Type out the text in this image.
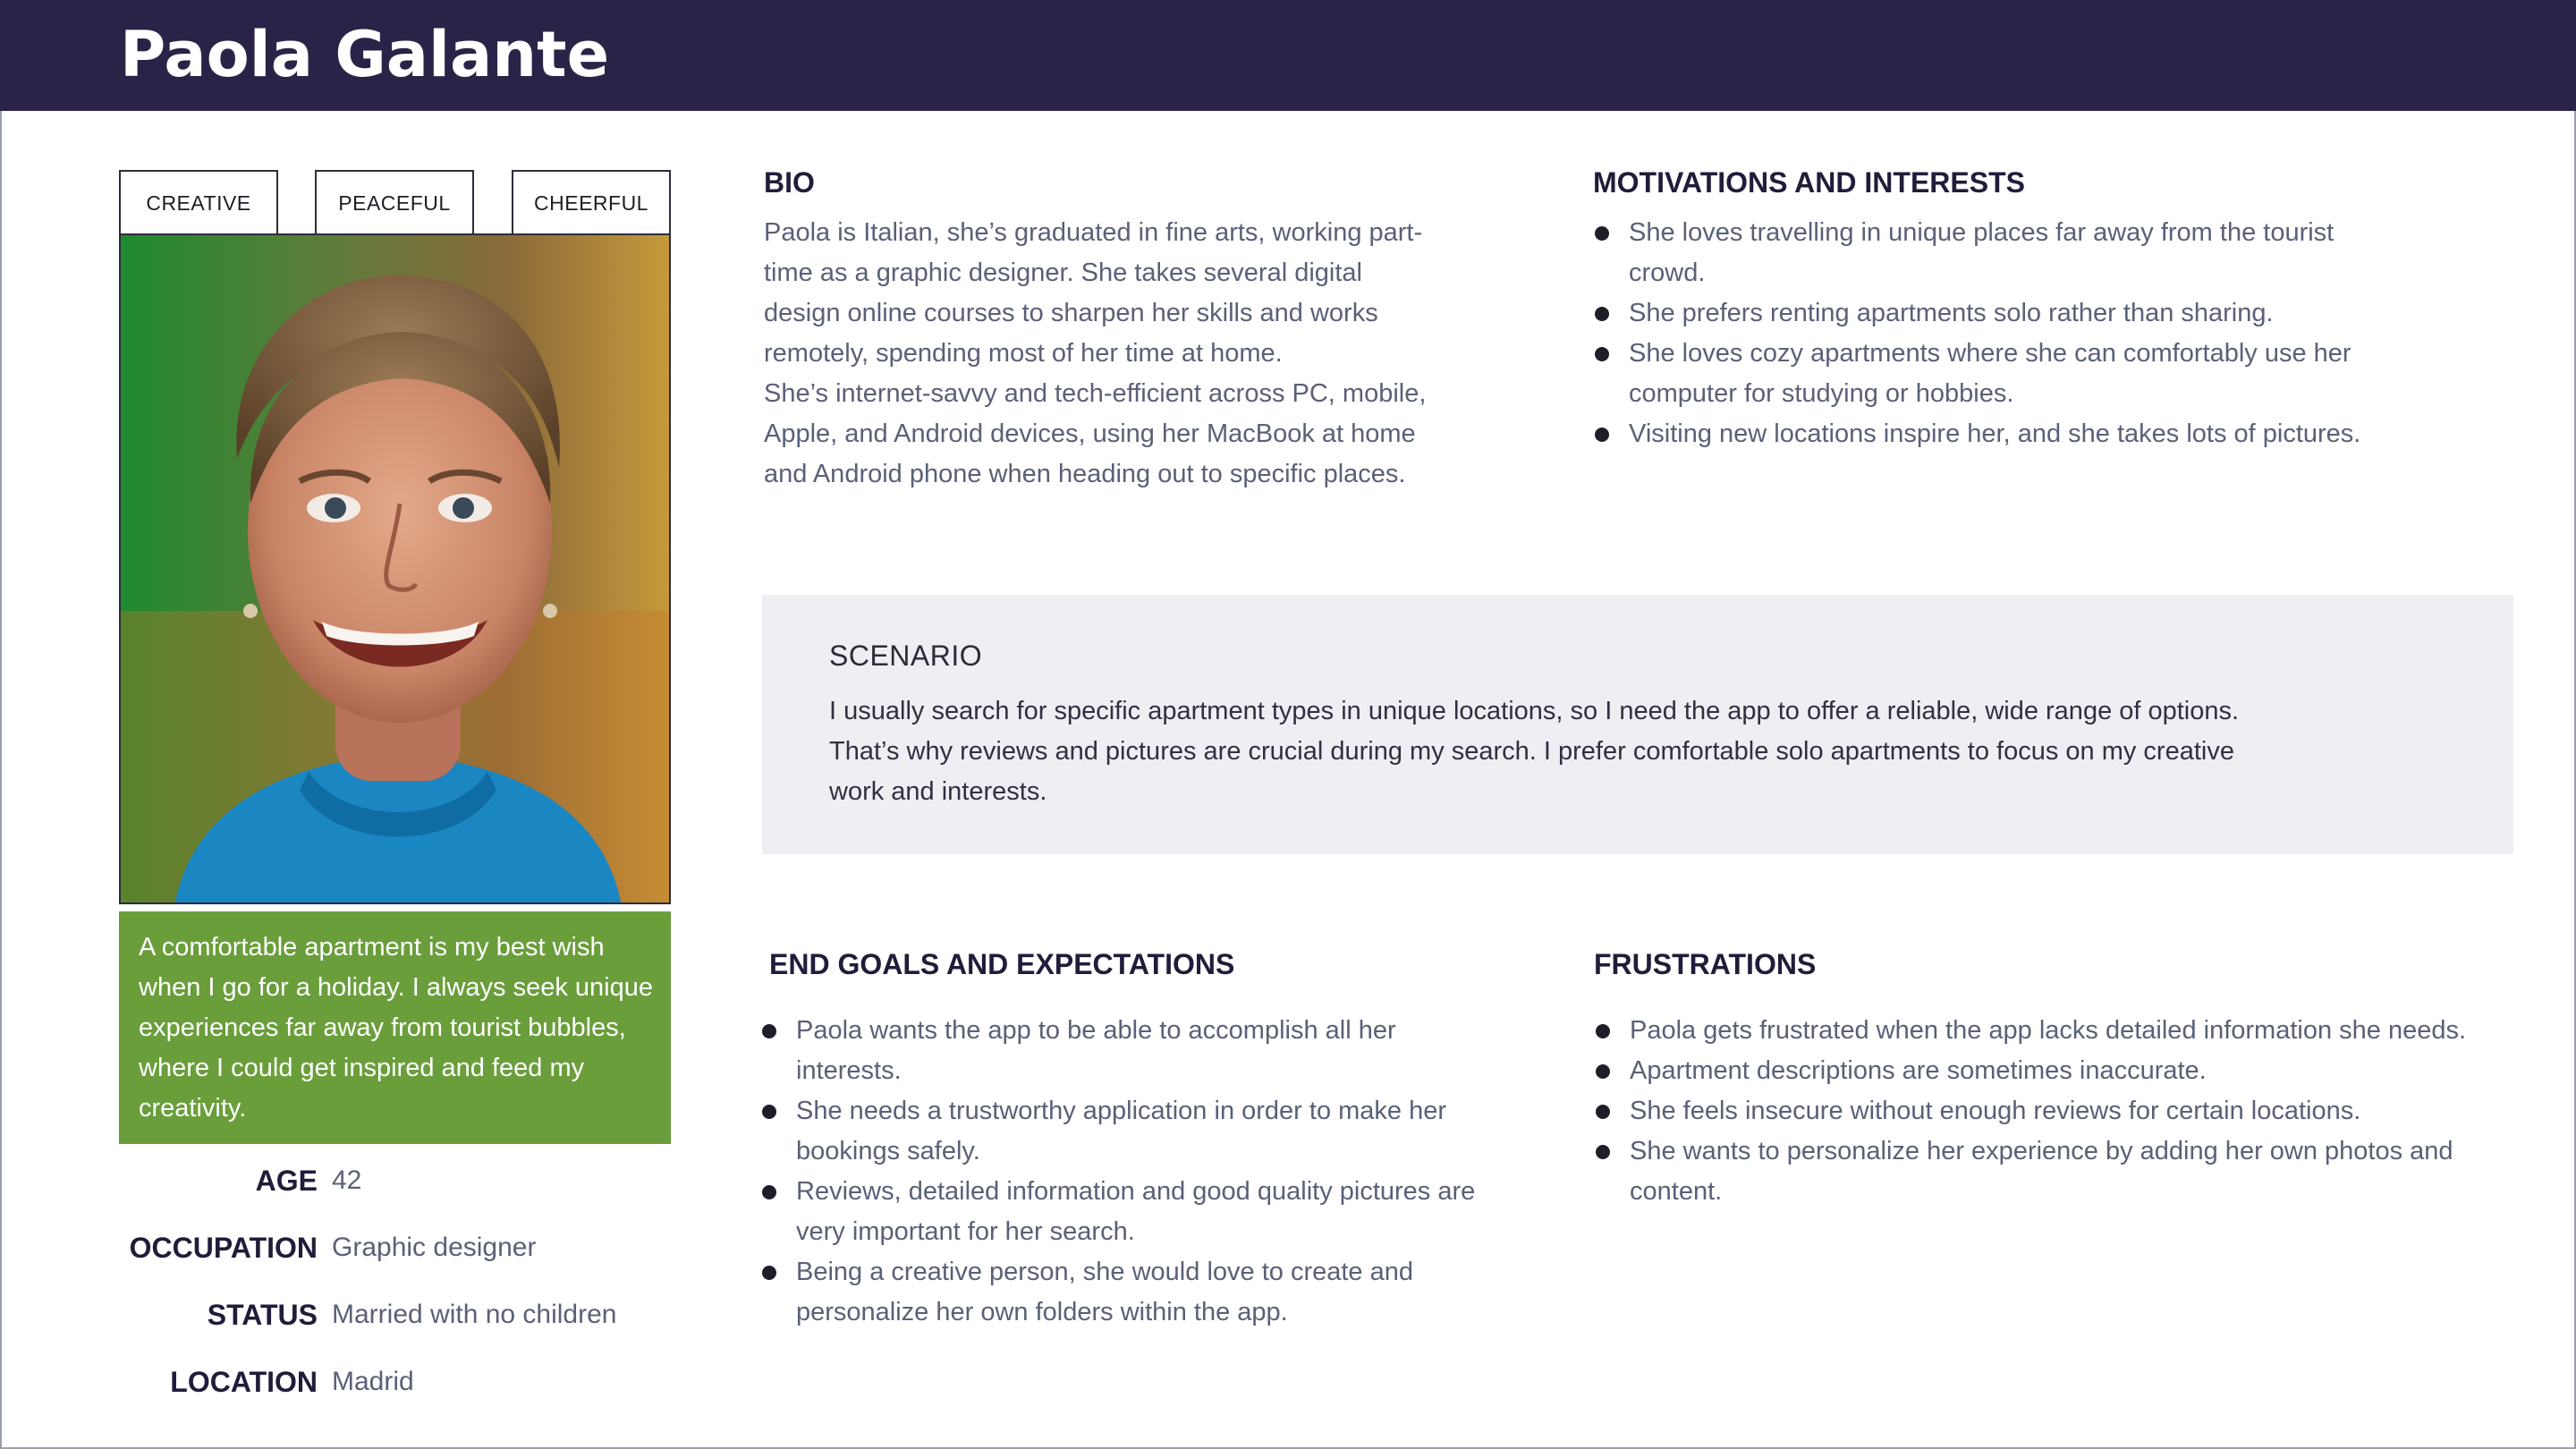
Paola Galante
CREATIVE	PEACEFUL	CHEERFUL
A comfortable apartment is my best wish when I go for a holiday. I always seek unique experiences far away from tourist bubbles, where I could get inspired and feed my creativity.
AGE 42
OCCUPATION Graphic designer
STATUS Married with no children
LOCATION Madrid
BIO
Paola is Italian, she’s graduated in fine arts, working part-
time as a graphic designer. She takes several digital
design online courses to sharpen her skills and works
remotely, spending most of her time at home.
She’s internet-savvy and tech-efficient across PC, mobile,
Apple, and Android devices, using her MacBook at home
and Android phone when heading out to specific places.
MOTIVATIONS AND INTERESTS
She loves travelling in unique places far away from the tourist crowd.
She prefers renting apartments solo rather than sharing.
She loves cozy apartments where she can comfortably use her computer for studying or hobbies.
Visiting new locations inspire her, and she takes lots of pictures.
SCENARIO
I usually search for specific apartment types in unique locations, so I need the app to offer a reliable, wide range of options.
That’s why reviews and pictures are crucial during my search. I prefer comfortable solo apartments to focus on my creative
work and interests.
END GOALS AND EXPECTATIONS
Paola wants the app to be able to accomplish all her interests.
She needs a trustworthy application in order to make her bookings safely.
Reviews, detailed information and good quality pictures are very important for her search.
Being a creative person, she would love to create and personalize her own folders within the app.
FRUSTRATIONS
Paola gets frustrated when the app lacks detailed information she needs.
Apartment descriptions are sometimes inaccurate.
She feels insecure without enough reviews for certain locations.
She wants to personalize her experience by adding her own photos and content.
